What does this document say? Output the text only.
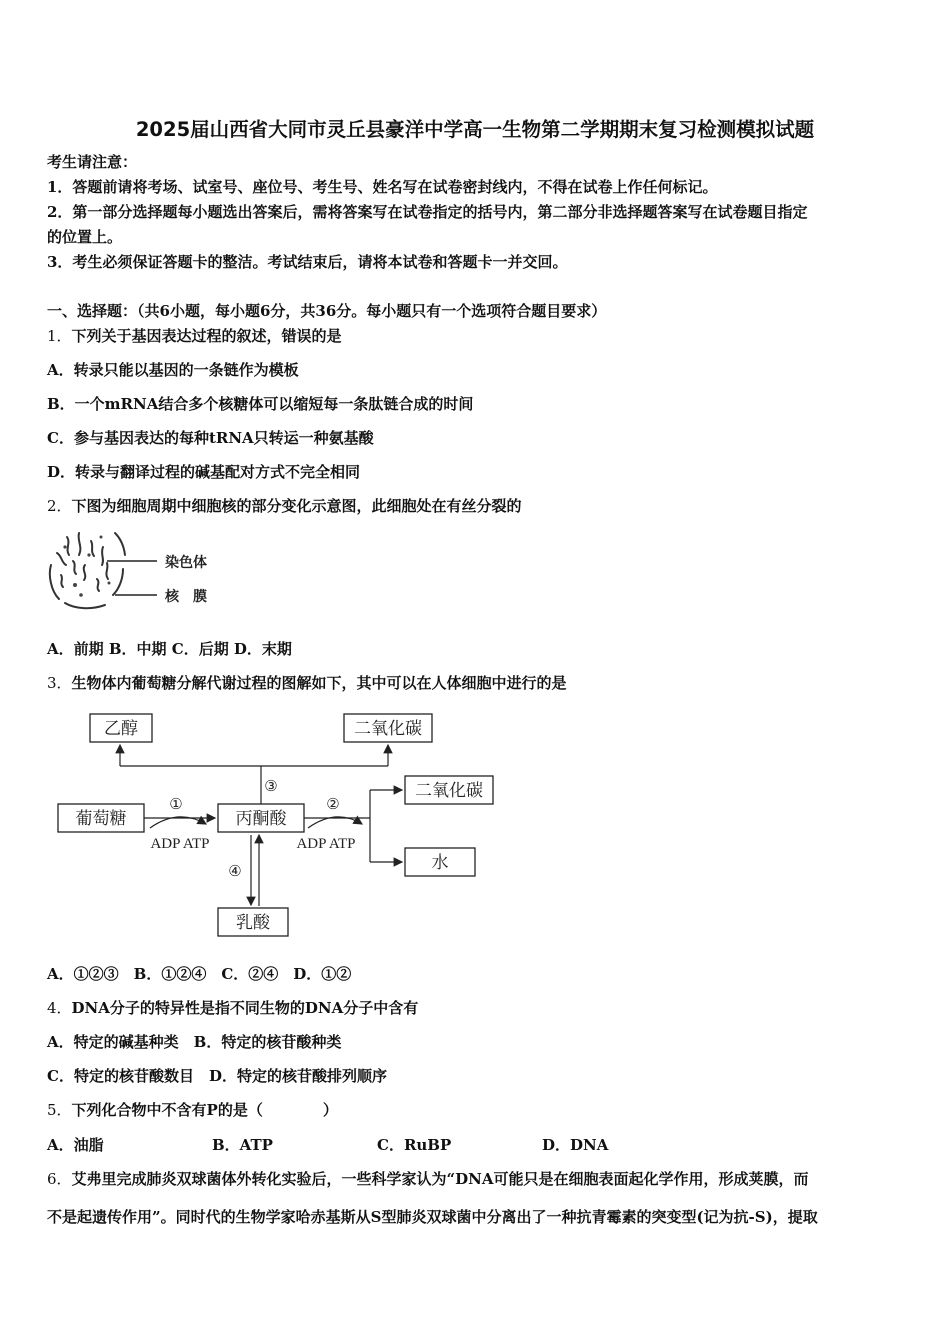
2025届山西省大同市灵丘县豪洋中学高一生物第二学期期末复习检测模拟试题
考生请注意：
1．答题前请将考场、试室号、座位号、考生号、姓名写在试卷密封线内，不得在试卷上作任何标记。
2．第一部分选择题每小题选出答案后，需将答案写在试卷指定的括号内，第二部分非选择题答案写在试卷题目指定
的位置上。
3．考生必须保证答题卡的整洁。考试结束后，请将本试卷和答题卡一并交回。
一、选择题：（共6小题，每小题6分，共36分。每小题只有一个选项符合题目要求）
1．下列关于基因表达过程的叙述，错误的是
A．转录只能以基因的一条链作为模板
B．一个mRNA结合多个核糖体可以缩短每一条肽链合成的时间
C．参与基因表达的每种tRNA只转运一种氨基酸
D．转录与翻译过程的碱基配对方式不完全相同
2．下图为细胞周期中细胞核的部分变化示意图，此细胞处在有丝分裂的
染色体
核　膜
A．前期 B．中期 C．后期 D．末期
3．生物体内葡萄糖分解代谢过程的图解如下，其中可以在人体细胞中进行的是
乙醇	二氧化碳
葡萄糖	丙酮酸
二氧化碳
水
乳酸
③
①
ADP ATP
②
ADP ATP
④
A．①②③　B．①②④　C．②④　D．①②
4．DNA分子的特异性是指不同生物的DNA分子中含有
A．特定的碱基种类　B．特定的核苷酸种类
C．特定的核苷酸数目　D．特定的核苷酸排列顺序
5．下列化合物中不含有P的是（　　　　）
A．油脂	B．ATP	C．RuBP	D．DNA
6．艾弗里完成肺炎双球菌体外转化实验后，一些科学家认为“DNA可能只是在细胞表面起化学作用，形成荚膜，而
不是起遗传作用”。同时代的生物学家哈赤基斯从S型肺炎双球菌中分离出了一种抗青霉素的突变型(记为抗-S)，提取
